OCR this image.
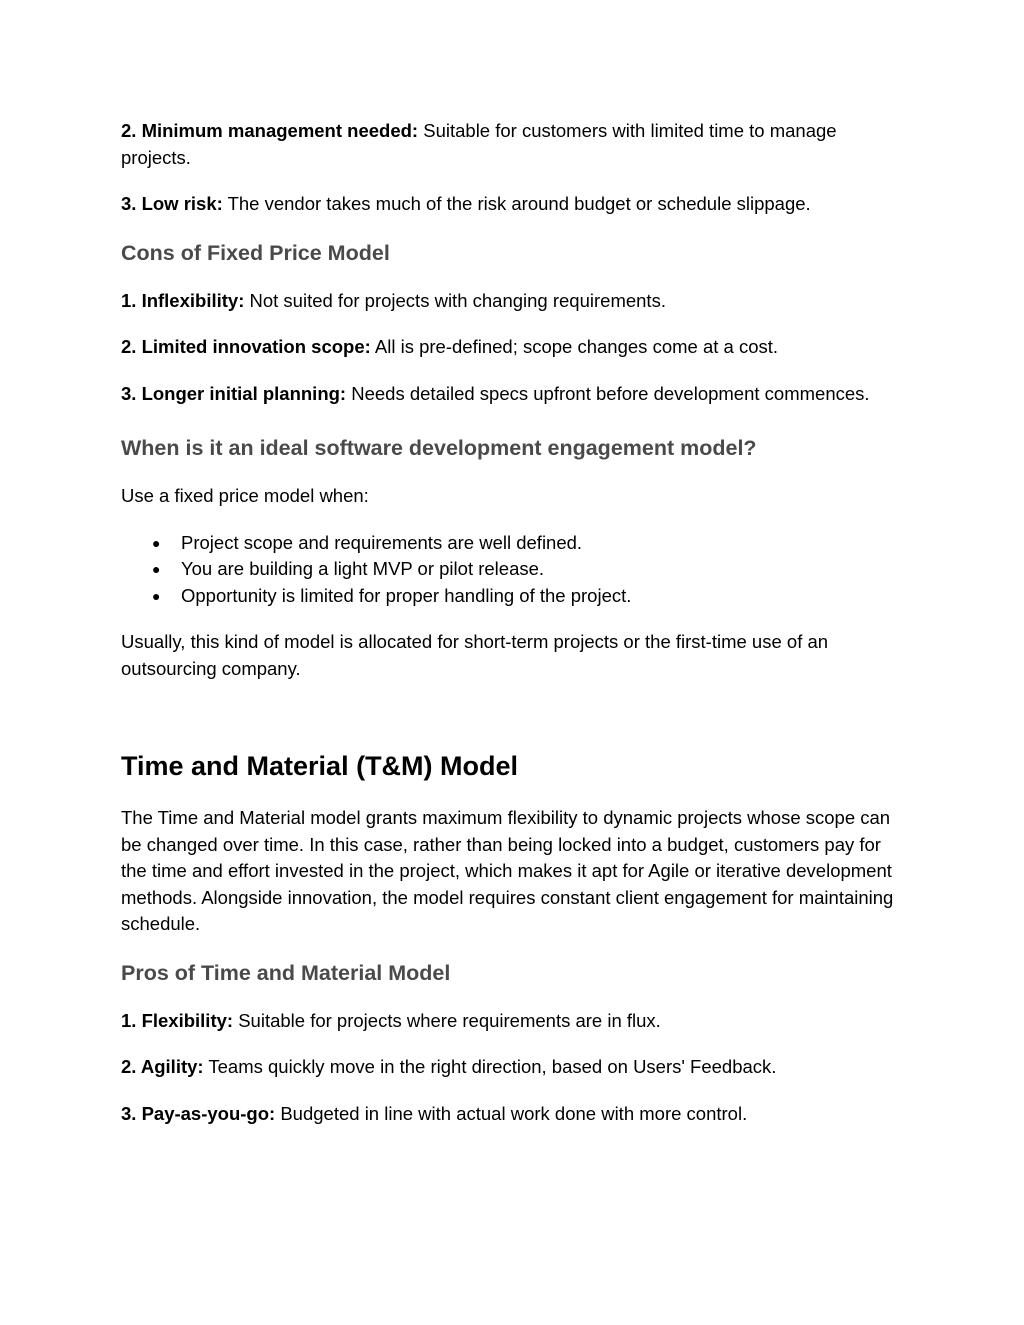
2. Minimum management needed: Suitable for customers with limited time to manage projects.

3. Low risk: The vendor takes much of the risk around budget or schedule slippage.

Cons of Fixed Price Model

1. Inflexibility: Not suited for projects with changing requirements.

2. Limited innovation scope: All is pre-defined; scope changes come at a cost.

3. Longer initial planning: Needs detailed specs upfront before development commences.

When is it an ideal software development engagement model?

Use a fixed price model when:

● Project scope and requirements are well defined.
● You are building a light MVP or pilot release.
● Opportunity is limited for proper handling of the project.

Usually, this kind of model is allocated for short-term projects or the first-time use of an outsourcing company.

Time and Material (T&M) Model

The Time and Material model grants maximum flexibility to dynamic projects whose scope can be changed over time. In this case, rather than being locked into a budget, customers pay for the time and effort invested in the project, which makes it apt for Agile or iterative development methods. Alongside innovation, the model requires constant client engagement for maintaining schedule.

Pros of Time and Material Model

1. Flexibility: Suitable for projects where requirements are in flux.

2. Agility: Teams quickly move in the right direction, based on Users' Feedback.

3. Pay-as-you-go: Budgeted in line with actual work done with more control.
